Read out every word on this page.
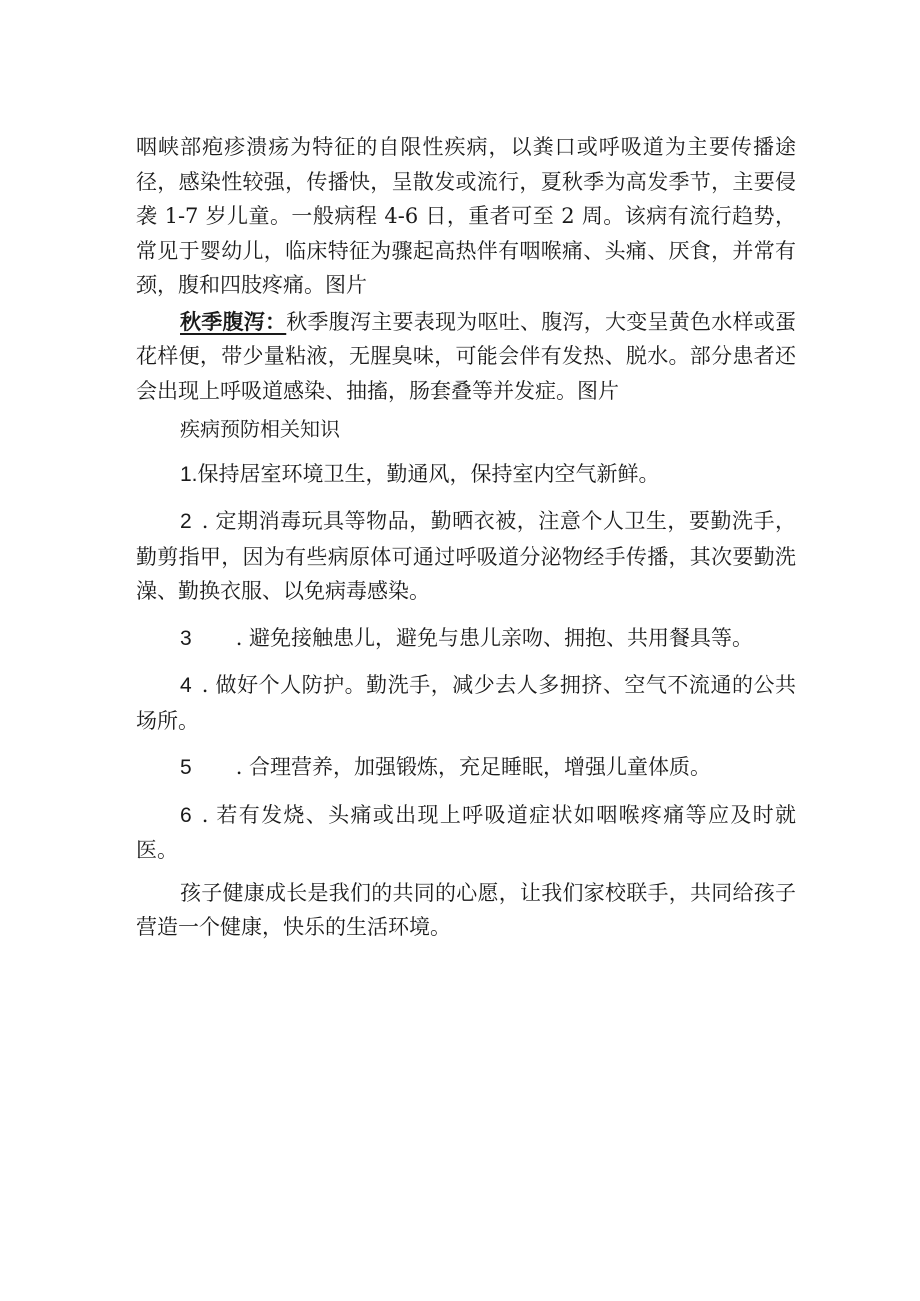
咽峡部疱疹溃疡为特征的自限性疾病，以粪口或呼吸道为主要传播途径，感染性较强，传播快，呈散发或流行，夏秋季为高发季节，主要侵袭 1-7 岁儿童。一般病程 4-6 日，重者可至 2 周。该病有流行趋势，常见于婴幼儿，临床特征为骤起高热伴有咽喉痛、头痛、厌食，并常有颈，腹和四肢疼痛。图片

秋季腹泻：秋季腹泻主要表现为呕吐、腹泻，大变呈黄色水样或蛋花样便，带少量粘液，无腥臭味，可能会伴有发热、脱水。部分患者还会出现上呼吸道感染、抽搐，肠套叠等并发症。图片

疾病预防相关知识

1.保持居室环境卫生，勤通风，保持室内空气新鲜。

2 . 定期消毒玩具等物品，勤晒衣被，注意个人卫生，要勤洗手，勤剪指甲，因为有些病原体可通过呼吸道分泌物经手传播，其次要勤洗澡、勤换衣服、以免病毒感染。

3 . 避免接触患儿，避免与患儿亲吻、拥抱、共用餐具等。

4 . 做好个人防护。勤洗手，减少去人多拥挤、空气不流通的公共场所。

5 . 合理营养，加强锻炼，充足睡眠，增强儿童体质。

6 . 若有发烧、头痛或出现上呼吸道症状如咽喉疼痛等应及时就医。

孩子健康成长是我们的共同的心愿，让我们家校联手，共同给孩子营造一个健康，快乐的生活环境。
